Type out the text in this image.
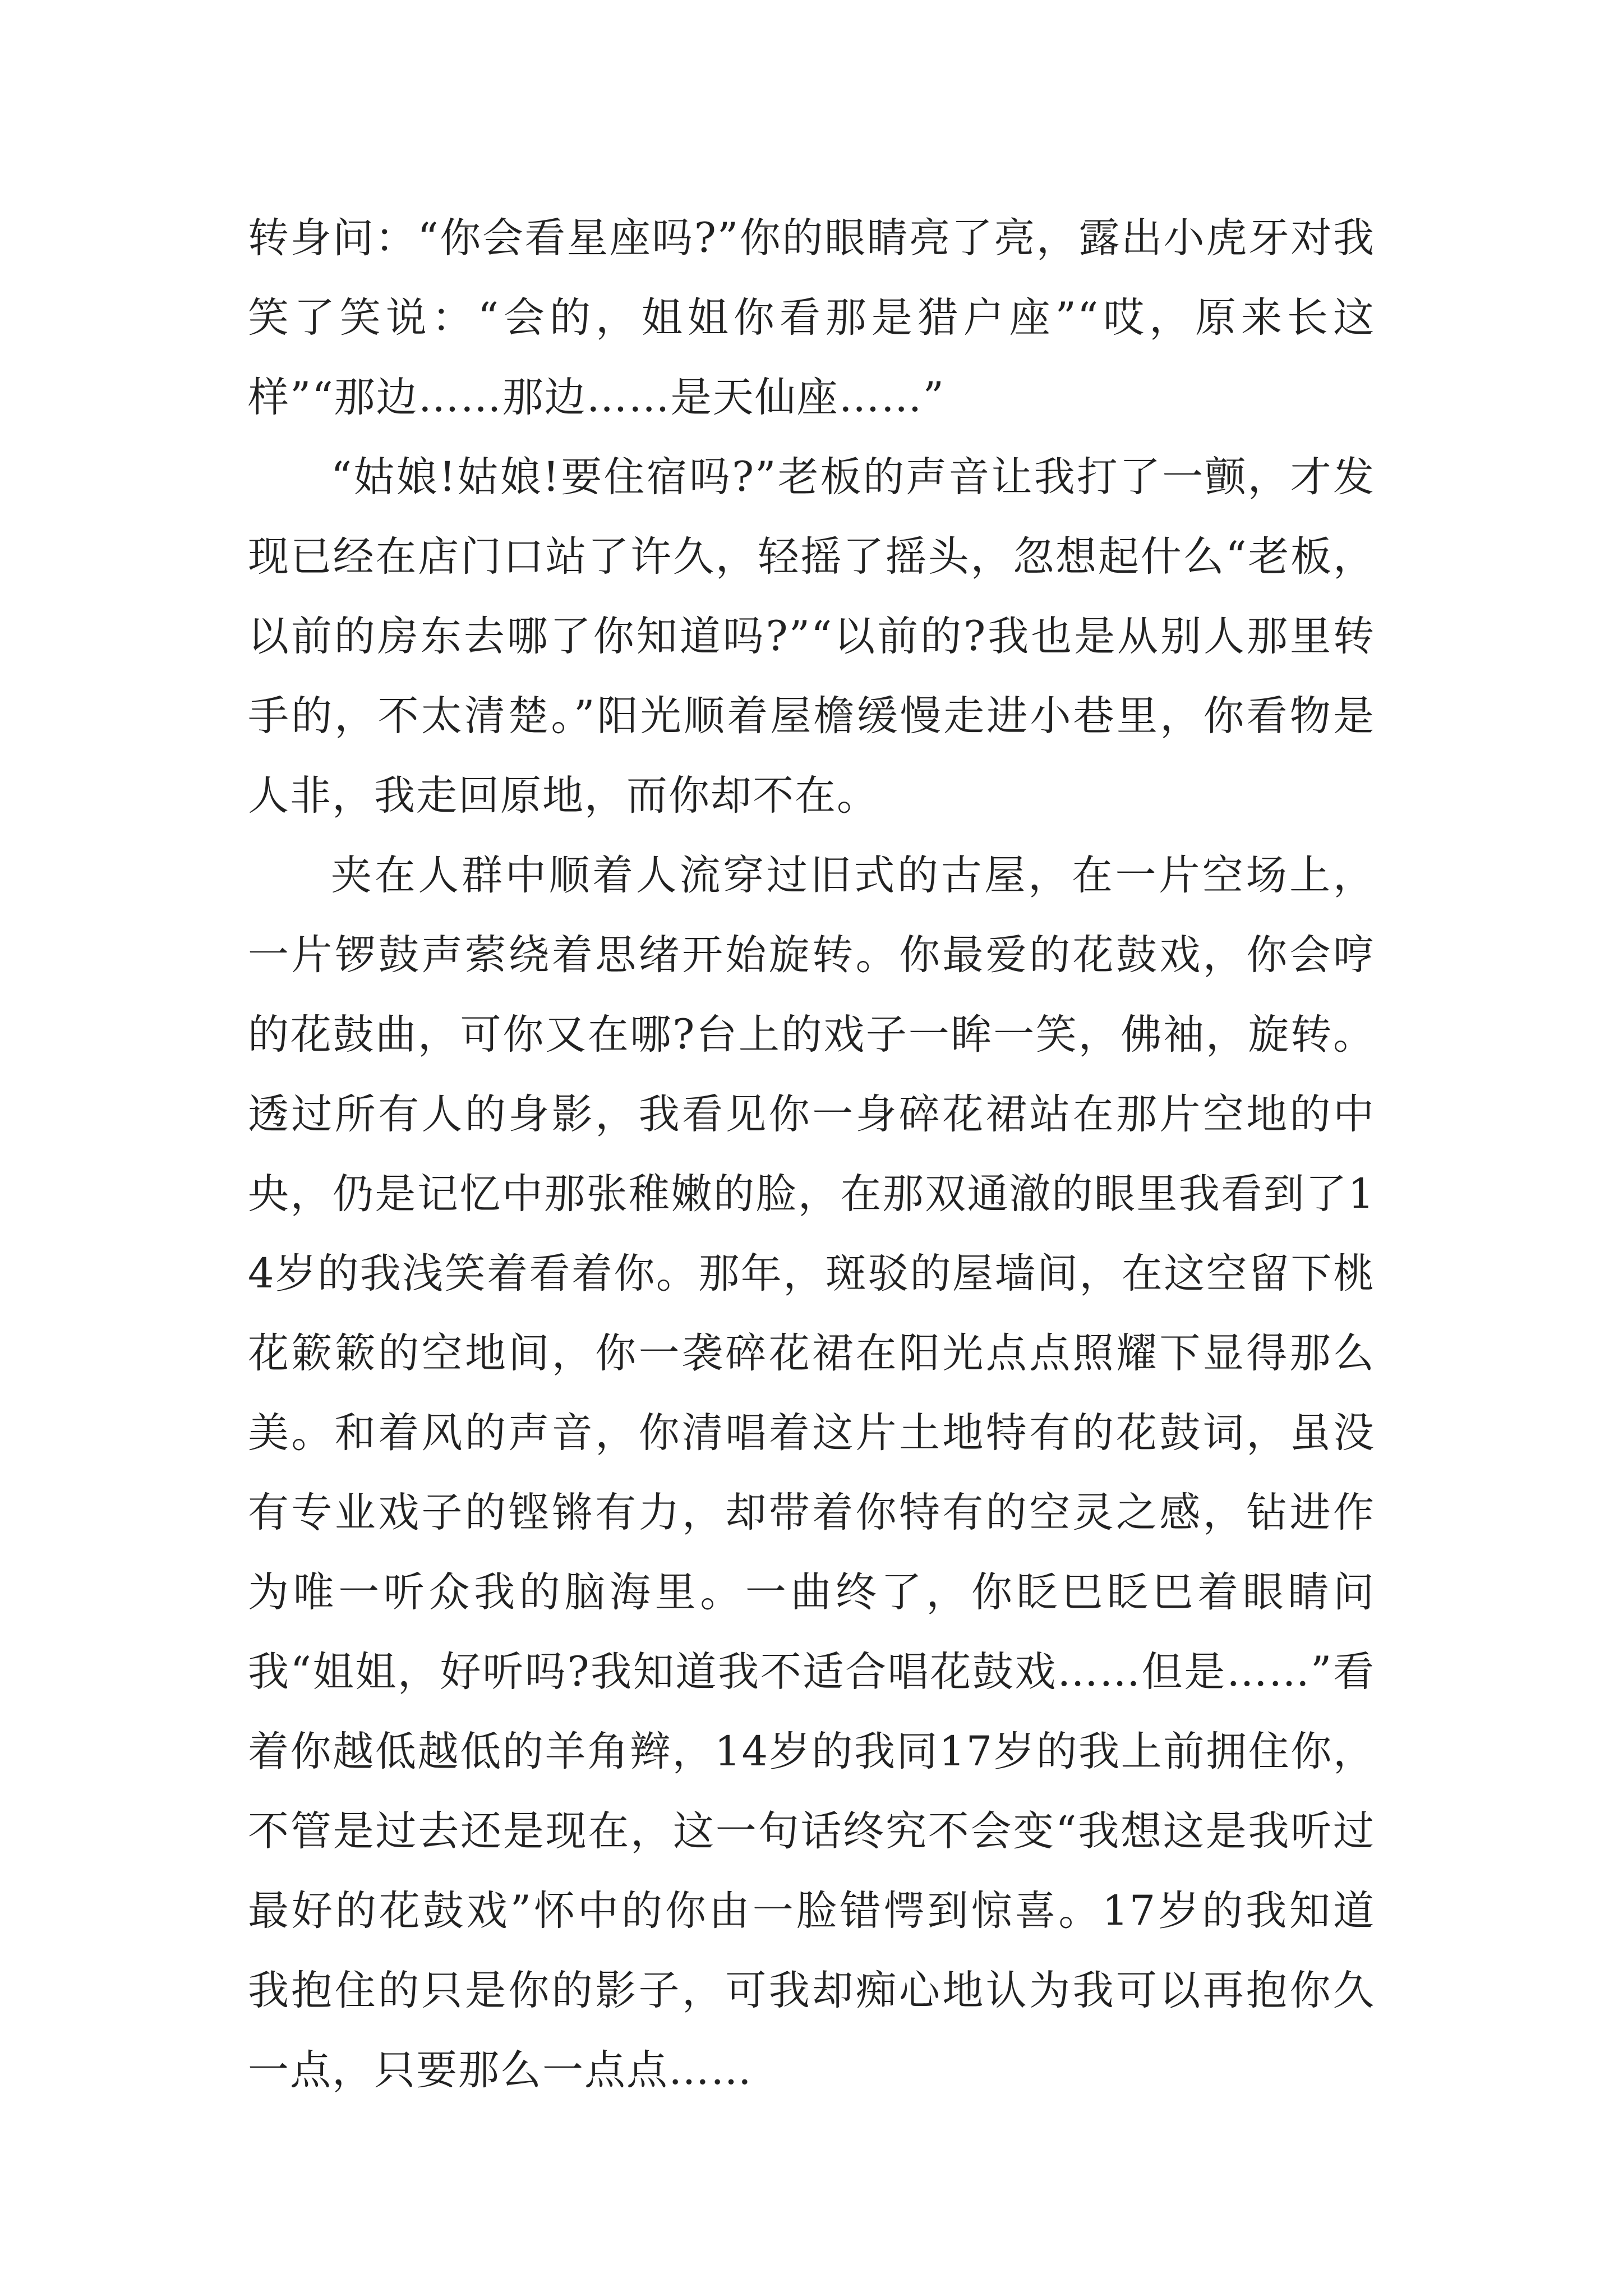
转身问：“你会看星座吗?”你的眼睛亮了亮，露出小虎牙对我笑了笑说：“会的，姐姐你看那是猎户座”“哎，原来长这样”“那边……那边……是天仙座……”

“姑娘!姑娘!要住宿吗?”老板的声音让我打了一颤，才发现已经在店门口站了许久，轻摇了摇头，忽想起什么“老板，以前的房东去哪了你知道吗?”“以前的?我也是从别人那里转手的，不太清楚。”阳光顺着屋檐缓慢走进小巷里，你看物是人非，我走回原地，而你却不在。

夹在人群中顺着人流穿过旧式的古屋，在一片空场上，一片锣鼓声萦绕着思绪开始旋转。你最爱的花鼓戏，你会哼的花鼓曲，可你又在哪?台上的戏子一眸一笑，佛袖，旋转。透过所有人的身影，我看见你一身碎花裙站在那片空地的中央，仍是记忆中那张稚嫩的脸，在那双通澈的眼里我看到了14岁的我浅笑着看着你。那年，斑驳的屋墙间，在这空留下桃花簌簌的空地间，你一袭碎花裙在阳光点点照耀下显得那么美。和着风的声音，你清唱着这片土地特有的花鼓词，虽没有专业戏子的铿锵有力，却带着你特有的空灵之感，钻进作为唯一听众我的脑海里。一曲终了，你眨巴眨巴着眼睛问我“姐姐，好听吗?我知道我不适合唱花鼓戏……但是……”看着你越低越低的羊角辫，14岁的我同17岁的我上前拥住你，不管是过去还是现在，这一句话终究不会变“我想这是我听过最好的花鼓戏”怀中的你由一脸错愕到惊喜。17岁的我知道我抱住的只是你的影子，可我却痴心地认为我可以再抱你久一点，只要那么一点点……
